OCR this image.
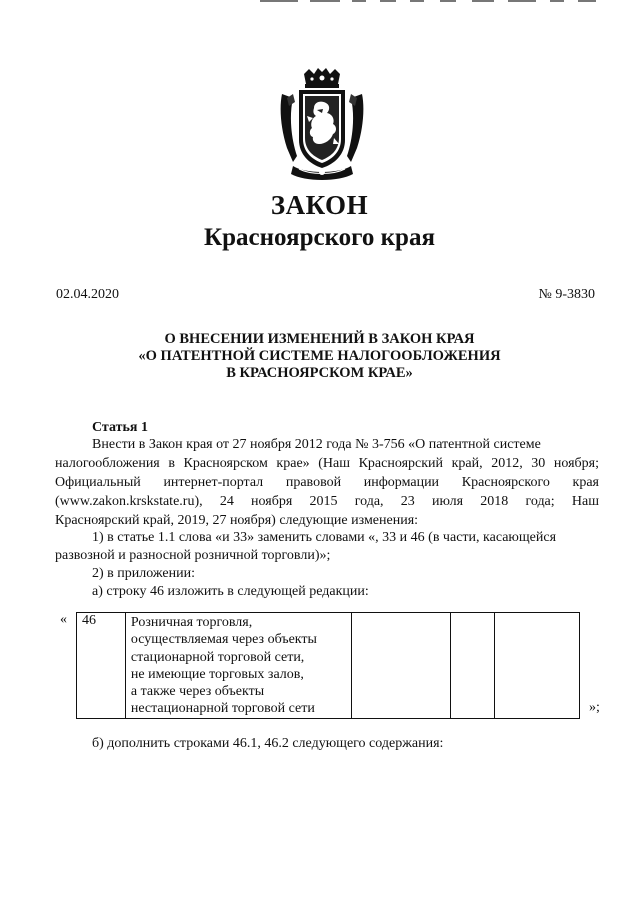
ЗАКОН
Красноярского края
02.04.2020	№ 9-3830
О ВНЕСЕНИИ ИЗМЕНЕНИЙ В ЗАКОН КРАЯ
«О ПАТЕНТНОЙ СИСТЕМЕ НАЛОГООБЛОЖЕНИЯ
В КРАСНОЯРСКОМ КРАЕ»
Статья 1
Внести в Закон края от 27 ноября 2012 года № 3-756 «О патентной системе
налогообложения в Красноярском крае» (Наш Красноярский край, 2012, 30 ноября;
Официальный интернет-портал правовой информации Красноярского края
(www.zakon.krskstate.ru), 24 ноября 2015 года, 23 июля 2018 года; Наш
Красноярский край, 2019, 27 ноября) следующие изменения:
1) в статье 1.1 слова «и 33» заменить словами «, 33 и 46 (в части, касающейся
развозной и разносной розничной торговли)»;
2) в приложении:
а) строку 46 изложить в следующей редакции:
« 46	Розничная торговля,
осуществляемая через объекты
стационарной торговой сети,
не имеющие торговых залов,
а также через объекты
нестационарной торговой сети
				»;
б) дополнить строками 46.1, 46.2 следующего содержания:
